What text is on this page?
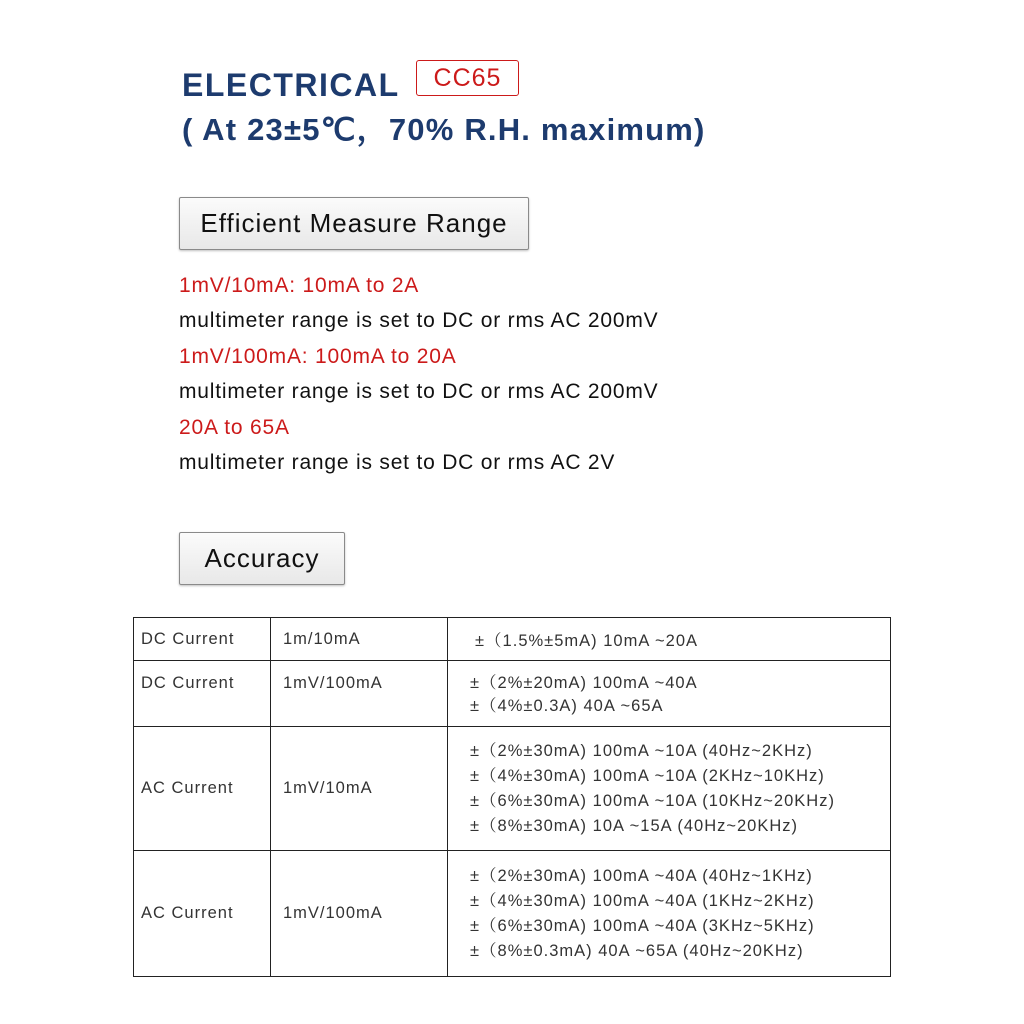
ELECTRICAL CC65
( At 23±5℃，70% R.H. maximum)
Efficient Measure Range
1mV/10mA: 10mA to 2A
multimeter range is set to DC or rms AC 200mV
1mV/100mA: 100mA to 20A
multimeter range is set to DC or rms AC 200mV
20A to 65A
multimeter range is set to DC or rms AC 2V
Accuracy
DC Current	1m/10mA	±（1.5%±5mA) 10mA ~20A

DC Current	1mV/100mA	±（2%±20mA) 100mA ~40A
±（4%±0.3A) 40A ~65A

AC Current	1mV/10mA	±（2%±30mA) 100mA ~10A (40Hz~2KHz)
±（4%±30mA) 100mA ~10A (2KHz~10KHz)
±（6%±30mA) 100mA ~10A (10KHz~20KHz)
±（8%±30mA) 10A ~15A (40Hz~20KHz)

AC Current	1mV/100mA	±（2%±30mA) 100mA ~40A (40Hz~1KHz)
±（4%±30mA) 100mA ~40A (1KHz~2KHz)
±（6%±30mA) 100mA ~40A (3KHz~5KHz)
±（8%±0.3mA) 40A ~65A (40Hz~20KHz)
